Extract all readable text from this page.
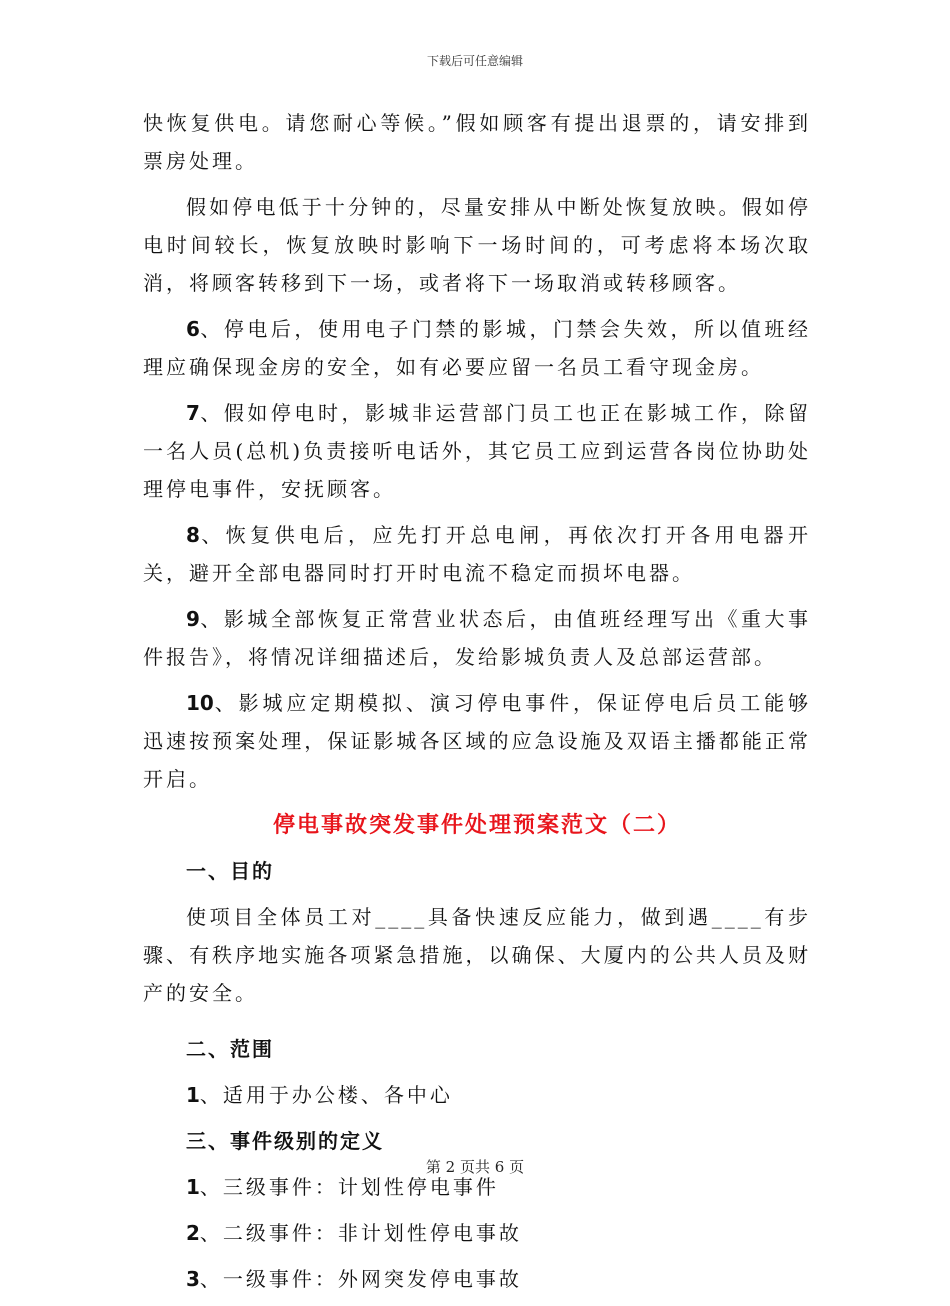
下载后可任意编辑

快恢复供电。请您耐心等候。”假如顾客有提出退票的，请安排到票房处理。

假如停电低于十分钟的，尽量安排从中断处恢复放映。假如停电时间较长，恢复放映时影响下一场时间的，可考虑将本场次取消，将顾客转移到下一场，或者将下一场取消或转移顾客。

6、停电后，使用电子门禁的影城，门禁会失效，所以值班经理应确保现金房的安全，如有必要应留一名员工看守现金房。

7、假如停电时，影城非运营部门员工也正在影城工作，除留一名人员(总机)负责接听电话外，其它员工应到运营各岗位协助处理停电事件，安抚顾客。

8、恢复供电后，应先打开总电闸，再依次打开各用电器开关，避开全部电器同时打开时电流不稳定而损坏电器。

9、影城全部恢复正常营业状态后，由值班经理写出《重大事件报告》，将情况详细描述后，发给影城负责人及总部运营部。

10、影城应定期模拟、演习停电事件，保证停电后员工能够迅速按预案处理，保证影城各区域的应急设施及双语主播都能正常开启。

停电事故突发事件处理预案范文（二）

一、目的

使项目全体员工对____具备快速反应能力，做到遇____有步骤、有秩序地实施各项紧急措施，以确保、大厦内的公共人员及财产的安全。

二、范围

1、适用于办公楼、各中心

三、事件级别的定义

1、三级事件：计划性停电事件

2、二级事件：非计划性停电事故

3、一级事件：外网突发停电事故

第 2 页共 6 页
